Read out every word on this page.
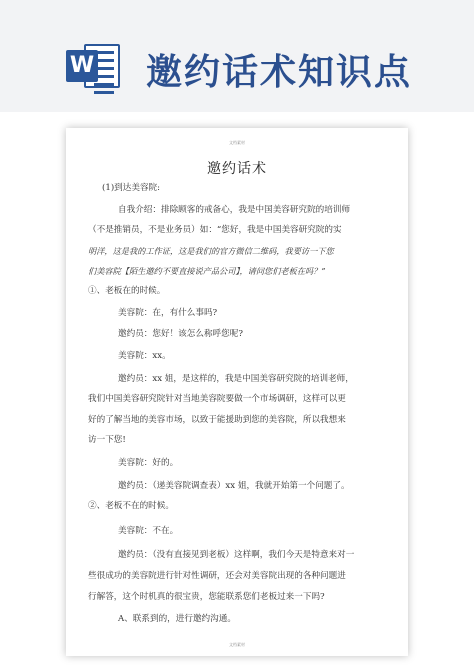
W 邀约话术知识点
文档素材
邀约话术

(1)到达美容院:

自我介绍：排除顾客的戒备心，我是中国美容研究院的培训师

（不是推销员，不是业务员）如：“您好，我是中国美容研究院的实

明洋，这是我的工作证，这是我们的官方微信二维码，我要访一下您

们美容院【陌生邀约不要直接说产品公司】，请问您们老板在吗？”

①、老板在的时候。

美容院：在，有什么事吗?

邀约员：您好！该怎么称呼您呢?

美容院：xx。

邀约员：xx 姐，是这样的，我是中国美容研究院的培训老师，

我们中国美容研究院针对当地美容院要做一个市场调研，这样可以更

好的了解当地的美容市场，以致于能援助到您的美容院，所以我想来

访一下您!

美容院：好的。

邀约员：（递美容院调查表）xx 姐，我就开始第一个问题了。

②、老板不在的时候。

美容院：不在。

邀约员：（没有直接见到老板）这样啊，我们今天是特意来对一

些很成功的美容院进行针对性调研，还会对美容院出现的各种问题进

行解答，这个时机真的很宝贵，您能联系您们老板过来一下吗?

A、联系到的，进行邀约沟通。

文档素材
